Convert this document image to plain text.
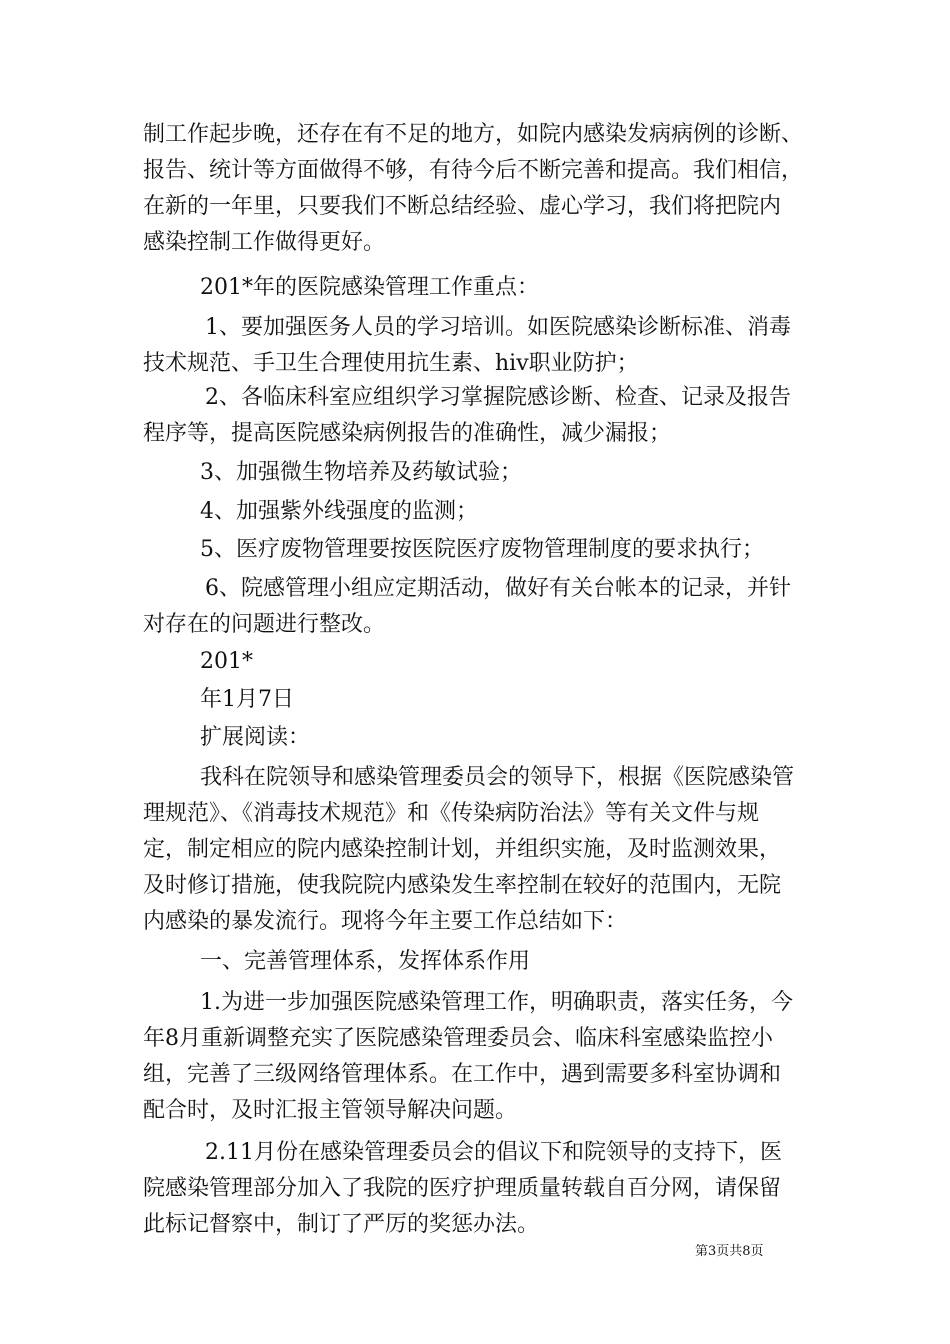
制工作起步晚，还存在有不足的地方，如院内感染发病病例的诊断、
报告、统计等方面做得不够，有待今后不断完善和提高。我们相信，
在新的一年里，只要我们不断总结经验、虚心学习，我们将把院内
感染控制工作做得更好。
201*年的医院感染管理工作重点：
1、要加强医务人员的学习培训。如医院感染诊断标准、消毒
技术规范、手卫生合理使用抗生素、hiv职业防护；
2、各临床科室应组织学习掌握院感诊断、检查、记录及报告
程序等，提高医院感染病例报告的准确性，减少漏报；
3、加强微生物培养及药敏试验；
4、加强紫外线强度的监测；
5、医疗废物管理要按医院医疗废物管理制度的要求执行；
6、院感管理小组应定期活动，做好有关台帐本的记录，并针
对存在的问题进行整改。
201*
年1月7日
扩展阅读：
我科在院领导和感染管理委员会的领导下，根据《医院感染管
理规范》、《消毒技术规范》和《传染病防治法》等有关文件与规
定，制定相应的院内感染控制计划，并组织实施，及时监测效果，
及时修订措施，使我院院内感染发生率控制在较好的范围内，无院
内感染的暴发流行。现将今年主要工作总结如下：
一、完善管理体系，发挥体系作用
1.为进一步加强医院感染管理工作，明确职责，落实任务，今
年8月重新调整充实了医院感染管理委员会、临床科室感染监控小
组，完善了三级网络管理体系。在工作中，遇到需要多科室协调和
配合时，及时汇报主管领导解决问题。
2.11月份在感染管理委员会的倡议下和院领导的支持下，医
院感染管理部分加入了我院的医疗护理质量转载自百分网，请保留
此标记督察中，制订了严厉的奖惩办法。
第3页共8页
